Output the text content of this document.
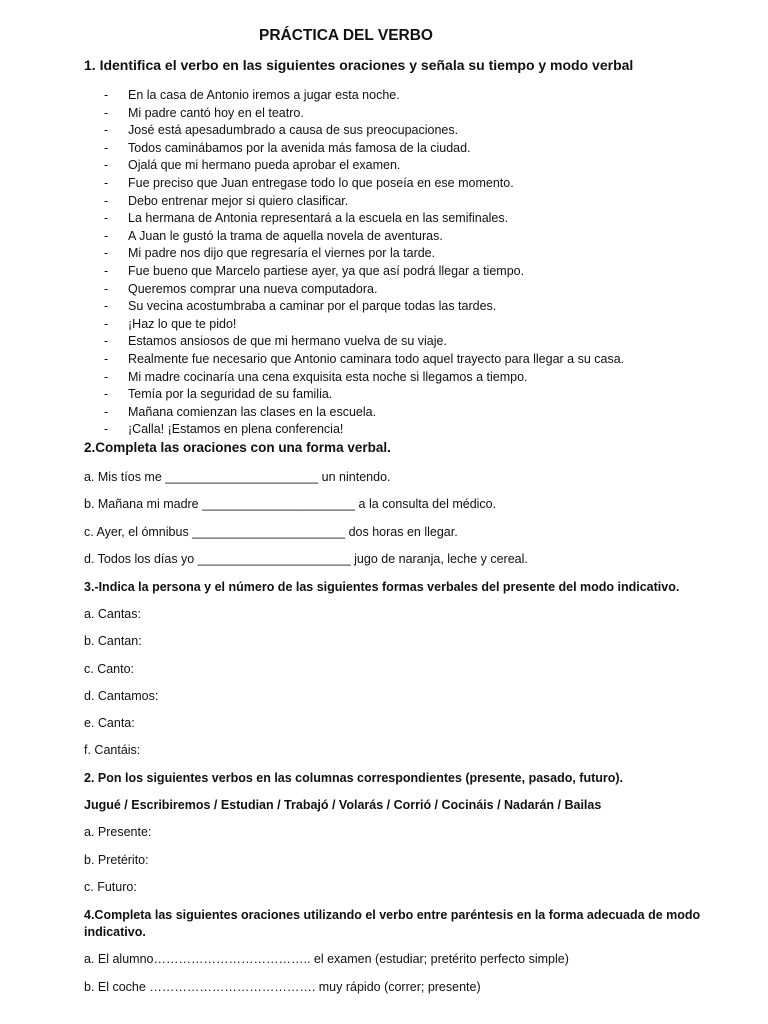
PRÁCTICA DEL VERBO
1. Identifica el verbo en las siguientes oraciones y señala su tiempo y modo verbal
- En la casa de Antonio iremos a jugar esta noche.
- Mi padre cantó hoy en el teatro.
- José está apesadumbrado a causa de sus preocupaciones.
- Todos caminábamos por la avenida más famosa de la ciudad.
- Ojalá que mi hermano pueda aprobar el examen.
- Fue preciso que Juan entregase todo lo que poseía en ese momento.
- Debo entrenar mejor si quiero clasificar.
- La hermana de Antonia representará a la escuela en las semifinales.
- A Juan le gustó la trama de aquella novela de aventuras.
- Mi padre nos dijo que regresaría el viernes por la tarde.
- Fue bueno que Marcelo partiese ayer, ya que así podrá llegar a tiempo.
- Queremos comprar una nueva computadora.
- Su vecina acostumbraba a caminar por el parque todas las tardes.
- ¡Haz lo que te pido!
- Estamos ansiosos de que mi hermano vuelva de su viaje.
- Realmente fue necesario que Antonio caminara todo aquel trayecto para llegar a su casa.
- Mi madre cocinaría una cena exquisita esta noche si llegamos a tiempo.
- Temía por la seguridad de su familia.
- Mañana comienzan las clases en la escuela.
- ¡Calla! ¡Estamos en plena conferencia!
2.Completa las oraciones con una forma verbal.
a. Mis tíos me ______________________ un nintendo.
b. Mañana mi madre ______________________ a la consulta del médico.
c. Ayer, el ómnibus ______________________ dos horas en llegar.
d. Todos los días yo ______________________ jugo de naranja, leche y cereal.
3.-Indica la persona y el número de las siguientes formas verbales del presente del modo indicativo.
a. Cantas:
b. Cantan:
c. Canto:
d. Cantamos:
e. Canta:
f. Cantáis:
2. Pon los siguientes verbos en las columnas correspondientes (presente, pasado, futuro).
Jugué / Escribiremos / Estudian / Trabajó / Volarás / Corrió / Cocináis / Nadarán / Bailas
a. Presente:
b. Pretérito:
c. Futuro:
4.Completa las siguientes oraciones utilizando el verbo entre paréntesis en la forma adecuada de modo indicativo.
a. El alumno……………………………….. el examen (estudiar; pretérito perfecto simple)
b. El coche …………………………………. muy rápido (correr; presente)
